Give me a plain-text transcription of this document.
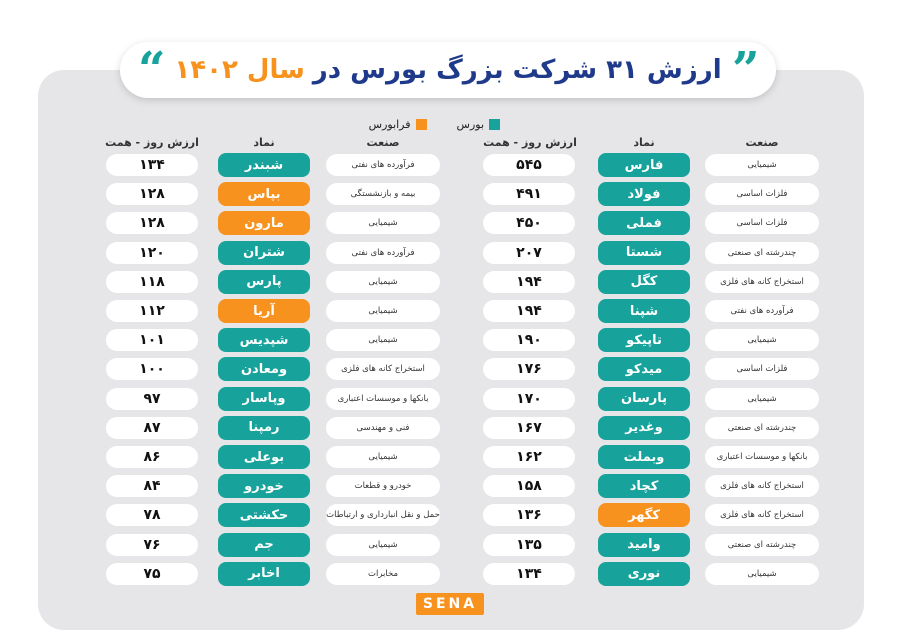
ارزش ۳۱ شرکت بزرگ بورس در
سال ۱۴۰۲
“	”
بورس
فرابورس
صنعت
نماد
ارزش روز - همت
صنعت
نماد
ارزش روز - همت
شیمیایی
فارس
۵۴۵
فلزات اساسی
فولاد
۴۹۱
فلزات اساسی
فملی
۴۵۰
چندرشته ای صنعتی
شستا
۲۰۷
استخراج کانه های فلزی
کگل
۱۹۴
فرآورده های نفتی
شپنا
۱۹۴
شیمیایی
تاپیکو
۱۹۰
فلزات اساسی
میدکو
۱۷۶
شیمیایی
پارسان
۱۷۰
چندرشته ای صنعتی
وغدیر
۱۶۷
بانکها و موسسات اعتباری
وبملت
۱۶۲
استخراج کانه های فلزی
کچاد
۱۵۸
استخراج کانه های فلزی
کگهر
۱۳۶
چندرشته ای صنعتی
وامید
۱۳۵
شیمیایی
نوری
۱۳۴
فرآورده های نفتی
شبندر
۱۳۴
بیمه و بازنشستگی
بپاس
۱۲۸
شیمیایی
مارون
۱۲۸
فرآورده های نفتی
شتران
۱۲۰
شیمیایی
پارس
۱۱۸
شیمیایی
آریا
۱۱۲
شیمیایی
شپدیس
۱۰۱
استخراج کانه های فلزی
ومعادن
۱۰۰
بانکها و موسسات اعتباری
وپاسار
۹۷
فنی و مهندسی
رمپنا
۸۷
شیمیایی
بوعلی
۸۶
خودرو و قطعات
خودرو
۸۴
حمل و نقل انبارداری و ارتباطات
حکشتی
۷۸
شیمیایی
جم
۷۶
مخابرات
اخابر
۷۵
SENA
